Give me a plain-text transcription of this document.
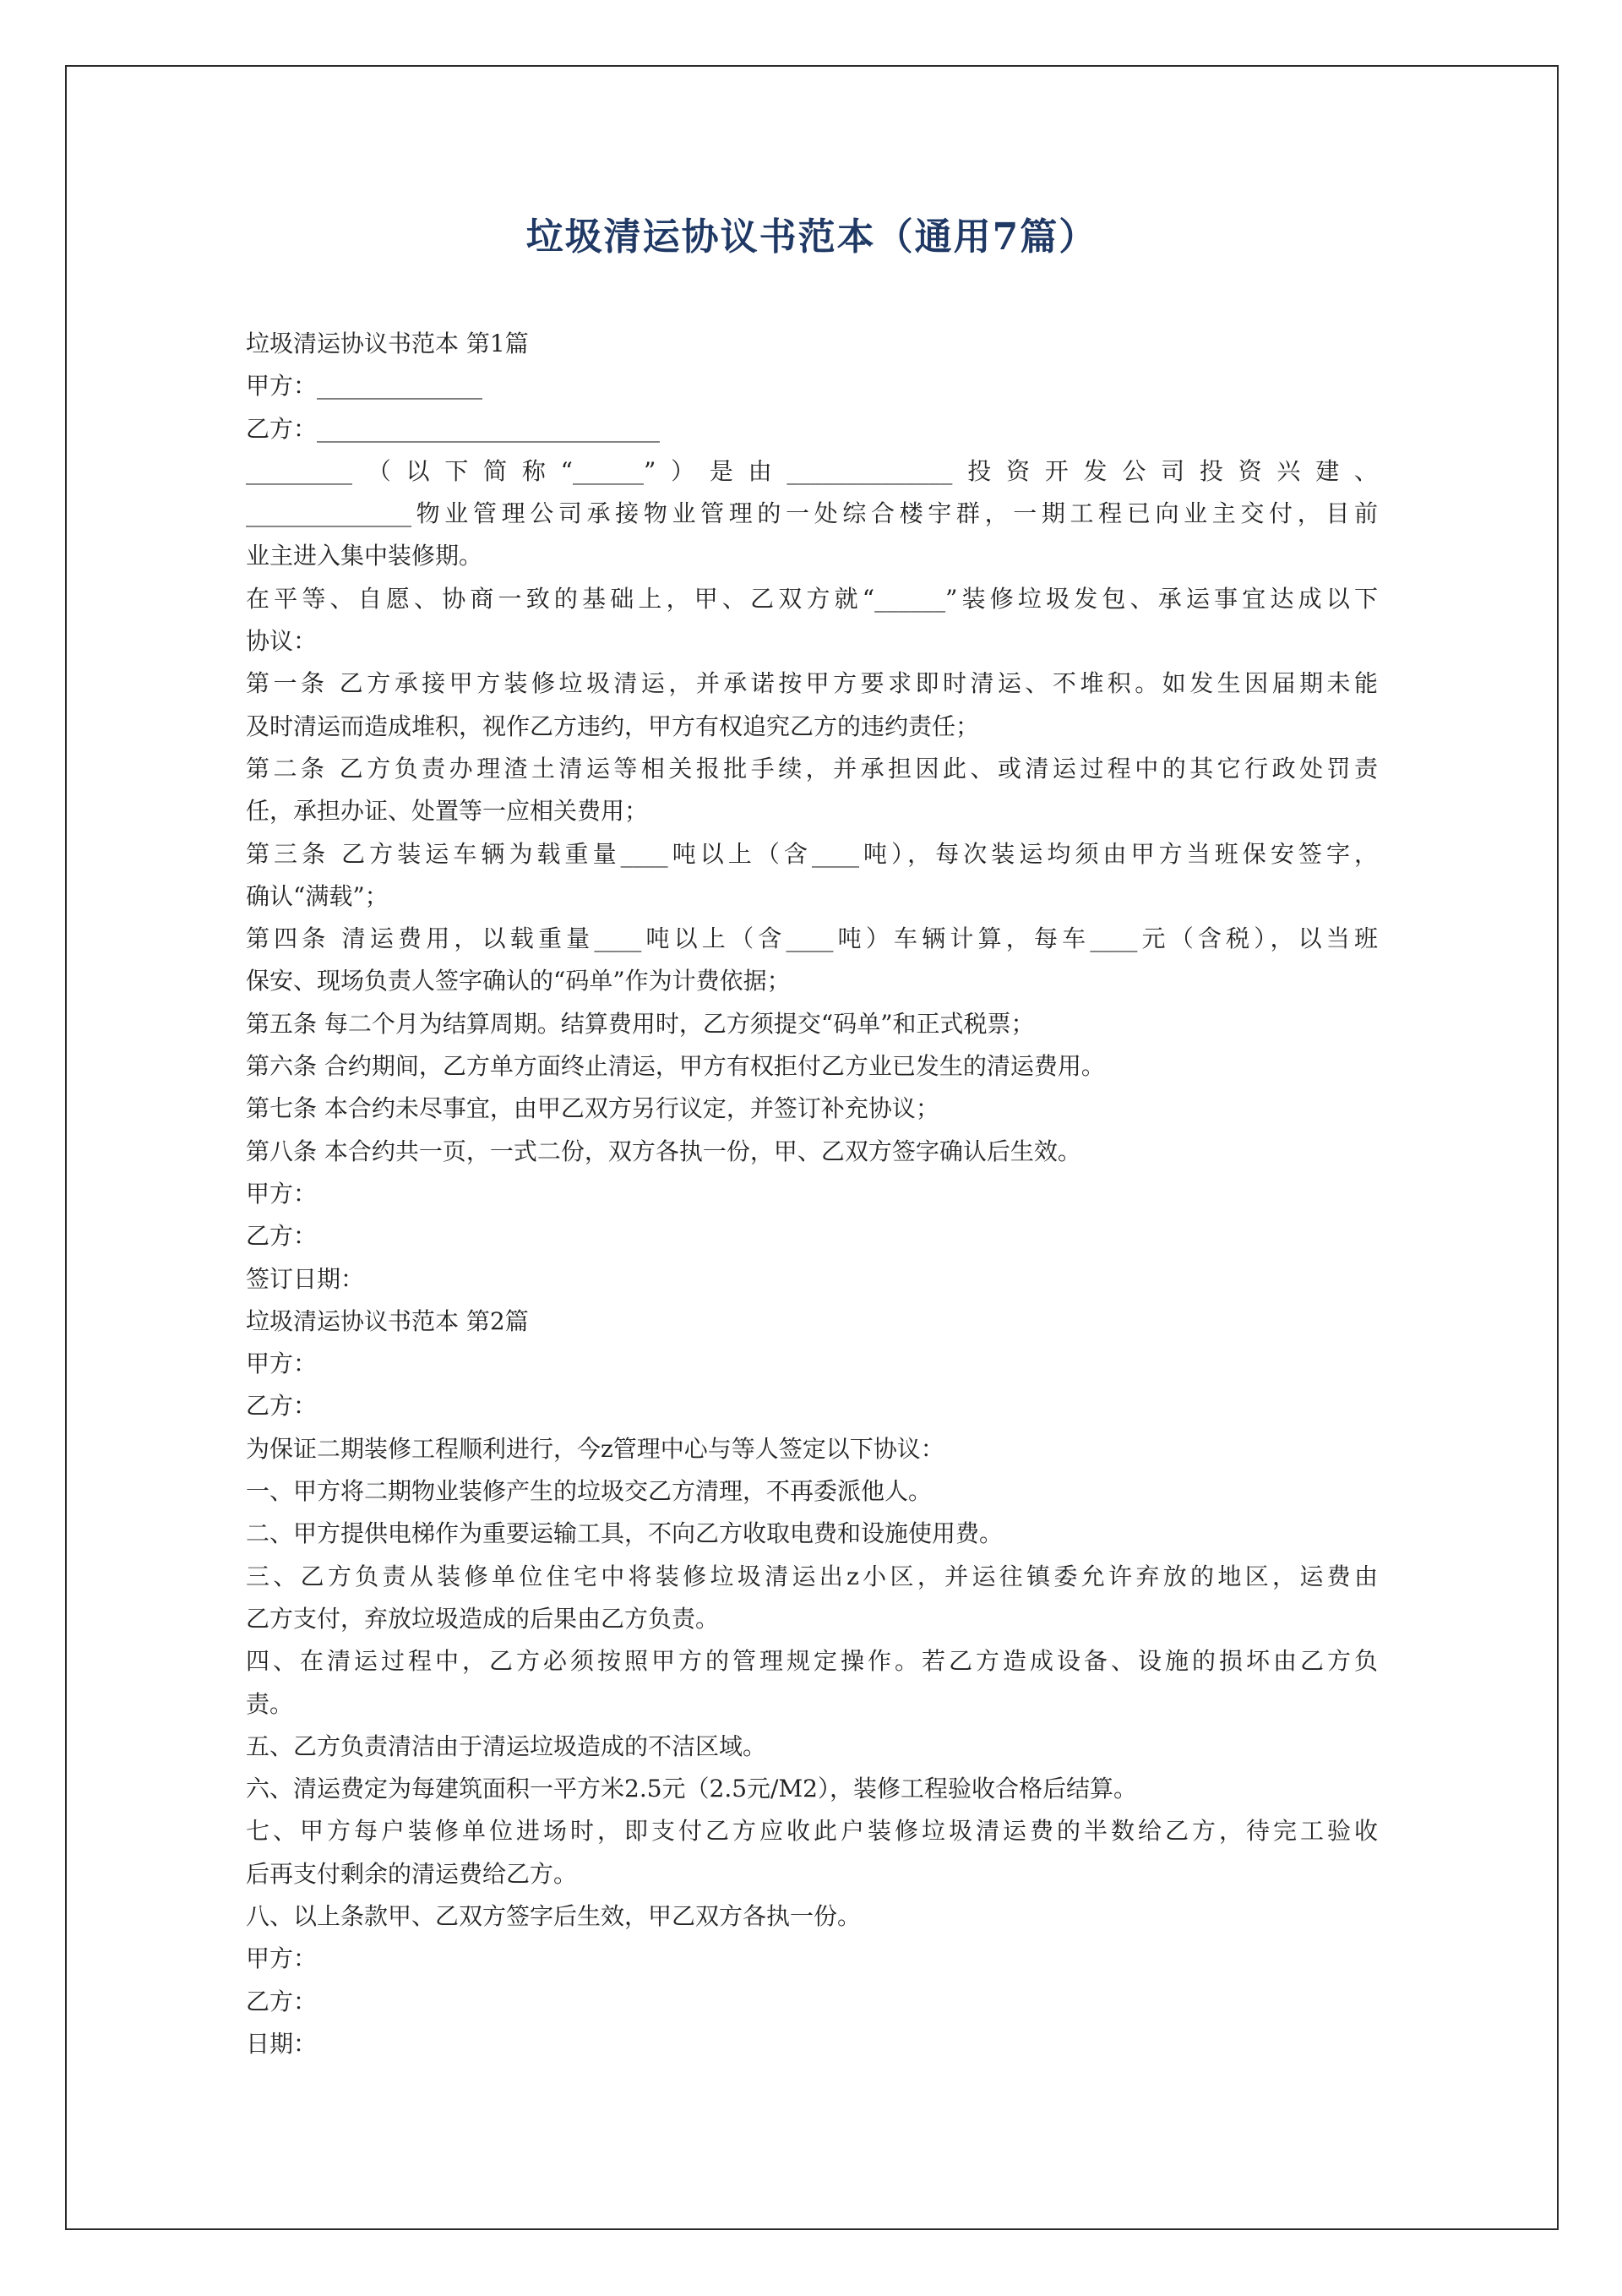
垃圾清运协议书范本（通用7篇）

垃圾清运协议书范本 第1篇

甲方：______________

乙方：_____________________________

_________（以下简称“______”）是由______________投资开发公司投资兴建、

______________物业管理公司承接物业管理的一处综合楼宇群，一期工程已向业主交付，目前

业主进入集中装修期。

在平等、自愿、协商一致的基础上，甲、乙双方就“______”装修垃圾发包、承运事宜达成以下

协议：

第一条 乙方承接甲方装修垃圾清运，并承诺按甲方要求即时清运、不堆积。如发生因届期未能

及时清运而造成堆积，视作乙方违约，甲方有权追究乙方的违约责任；

第二条 乙方负责办理渣土清运等相关报批手续，并承担因此、或清运过程中的其它行政处罚责

任，承担办证、处置等一应相关费用；

第三条 乙方装运车辆为载重量____吨以上（含____吨），每次装运均须由甲方当班保安签字，

确认“满载”；

第四条 清运费用，以载重量____吨以上（含____吨）车辆计算，每车____元（含税），以当班

保安、现场负责人签字确认的“码单”作为计费依据；

第五条 每二个月为结算周期。结算费用时，乙方须提交“码单”和正式税票；

第六条 合约期间，乙方单方面终止清运，甲方有权拒付乙方业已发生的清运费用。

第七条 本合约未尽事宜，由甲乙双方另行议定，并签订补充协议；

第八条 本合约共一页，一式二份，双方各执一份，甲、乙双方签字确认后生效。

甲方：

乙方：

签订日期：

垃圾清运协议书范本 第2篇

甲方：

乙方：

为保证二期装修工程顺利进行，今z管理中心与等人签定以下协议：

一、甲方将二期物业装修产生的垃圾交乙方清理，不再委派他人。

二、甲方提供电梯作为重要运输工具，不向乙方收取电费和设施使用费。

三、乙方负责从装修单位住宅中将装修垃圾清运出z小区，并运往镇委允许弃放的地区，运费由

乙方支付，弃放垃圾造成的后果由乙方负责。

四、在清运过程中，乙方必须按照甲方的管理规定操作。若乙方造成设备、设施的损坏由乙方负

责。

五、乙方负责清洁由于清运垃圾造成的不洁区域。

六、清运费定为每建筑面积一平方米2.5元（2.5元/M2），装修工程验收合格后结算。

七、甲方每户装修单位进场时，即支付乙方应收此户装修垃圾清运费的半数给乙方，待完工验收

后再支付剩余的清运费给乙方。

八、以上条款甲、乙双方签字后生效，甲乙双方各执一份。

甲方：

乙方：

日期：
